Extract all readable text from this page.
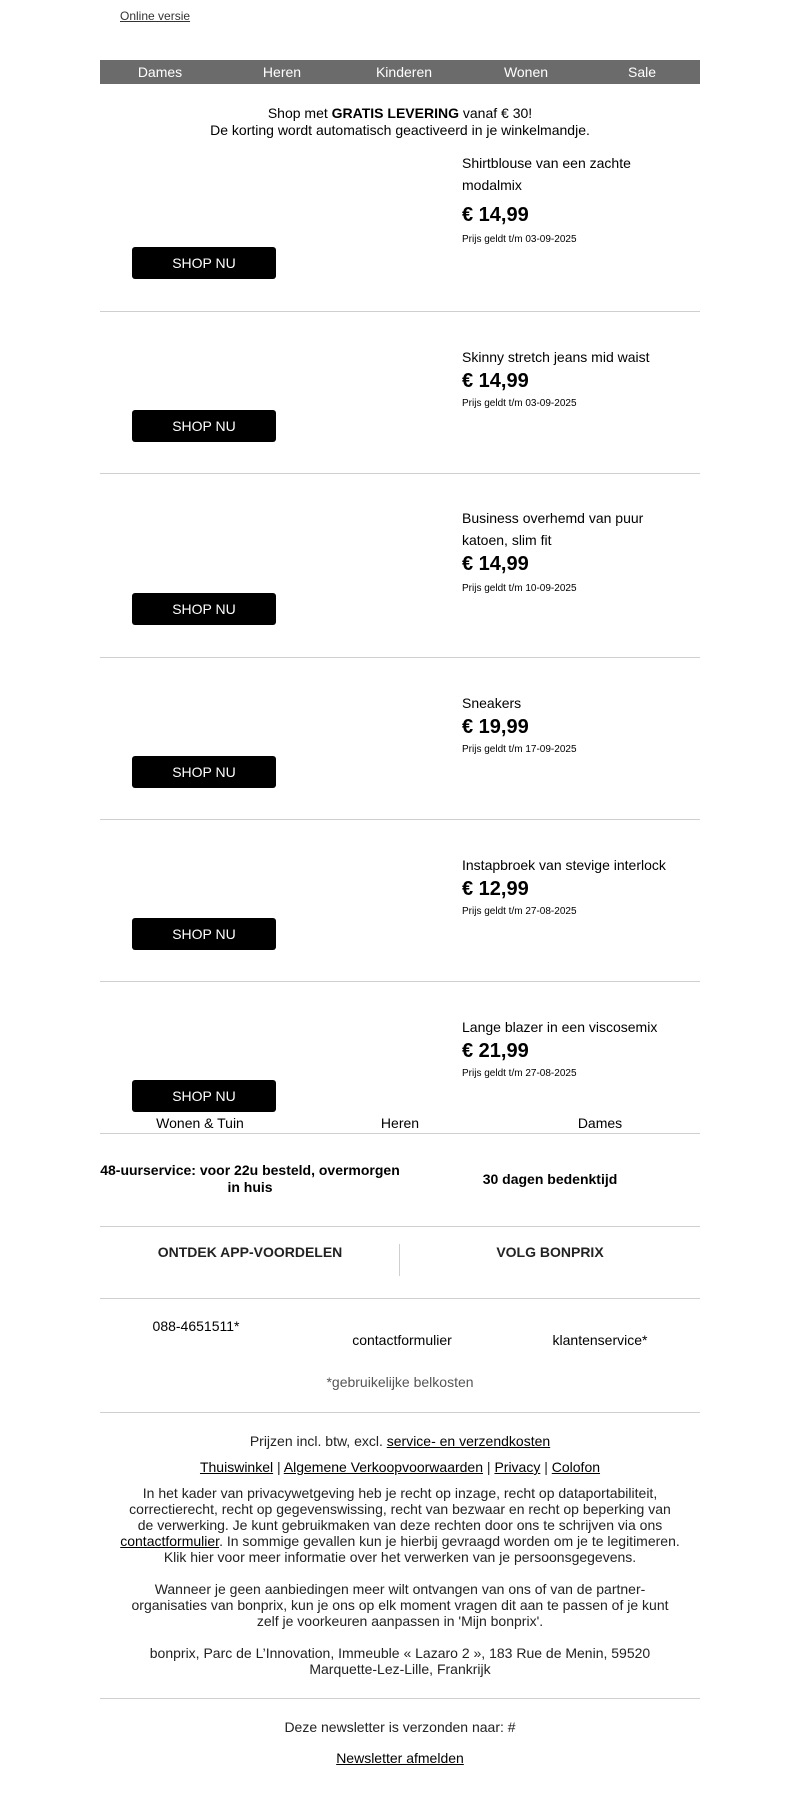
Online versie
Dames	Heren	Kinderen	Wonen	Sale
Shop met GRATIS LEVERING vanaf € 30!
De korting wordt automatisch geactiveerd in je winkelmandje.
Shirtblouse van een zachte modalmix
€ 14,99
Prijs geldt t/m 03-09-2025
SHOP NU
Skinny stretch jeans mid waist
€ 14,99
Prijs geldt t/m 03-09-2025
SHOP NU
Business overhemd van puur katoen, slim fit
€ 14,99
Prijs geldt t/m 10-09-2025
SHOP NU
Sneakers
€ 19,99
Prijs geldt t/m 17-09-2025
SHOP NU
Instapbroek van stevige interlock
€ 12,99
Prijs geldt t/m 27-08-2025
SHOP NU
Lange blazer in een viscosemix
€ 21,99
Prijs geldt t/m 27-08-2025
SHOP NU
Wonen & Tuin	Heren	Dames
48-uurservice: voor 22u besteld, overmorgen in huis	30 dagen bedenktijd
ONTDEK APP-VOORDELEN	VOLG BONPRIX
088-4651511*
contactformulier	klantenservice*
*gebruikelijke belkosten
Prijzen incl. btw, excl. service- en verzendkosten
Thuiswinkel | Algemene Verkoopvoorwaarden | Privacy | Colofon
In het kader van privacywetgeving heb je recht op inzage, recht op dataportabiliteit, correctierecht, recht op gegevenswissing, recht van bezwaar en recht op beperking van de verwerking. Je kunt gebruikmaken van deze rechten door ons te schrijven via ons contactformulier. In sommige gevallen kun je hierbij gevraagd worden om je te legitimeren. Klik hier voor meer informatie over het verwerken van je persoonsgegevens.
Wanneer je geen aanbiedingen meer wilt ontvangen van ons of van de partner-organisaties van bonprix, kun je ons op elk moment vragen dit aan te passen of je kunt zelf je voorkeuren aanpassen in 'Mijn bonprix'.
bonprix, Parc de L’Innovation, Immeuble « Lazaro 2 », 183 Rue de Menin, 59520 Marquette-Lez-Lille, Frankrijk
Deze newsletter is verzonden naar: #
Newsletter afmelden
